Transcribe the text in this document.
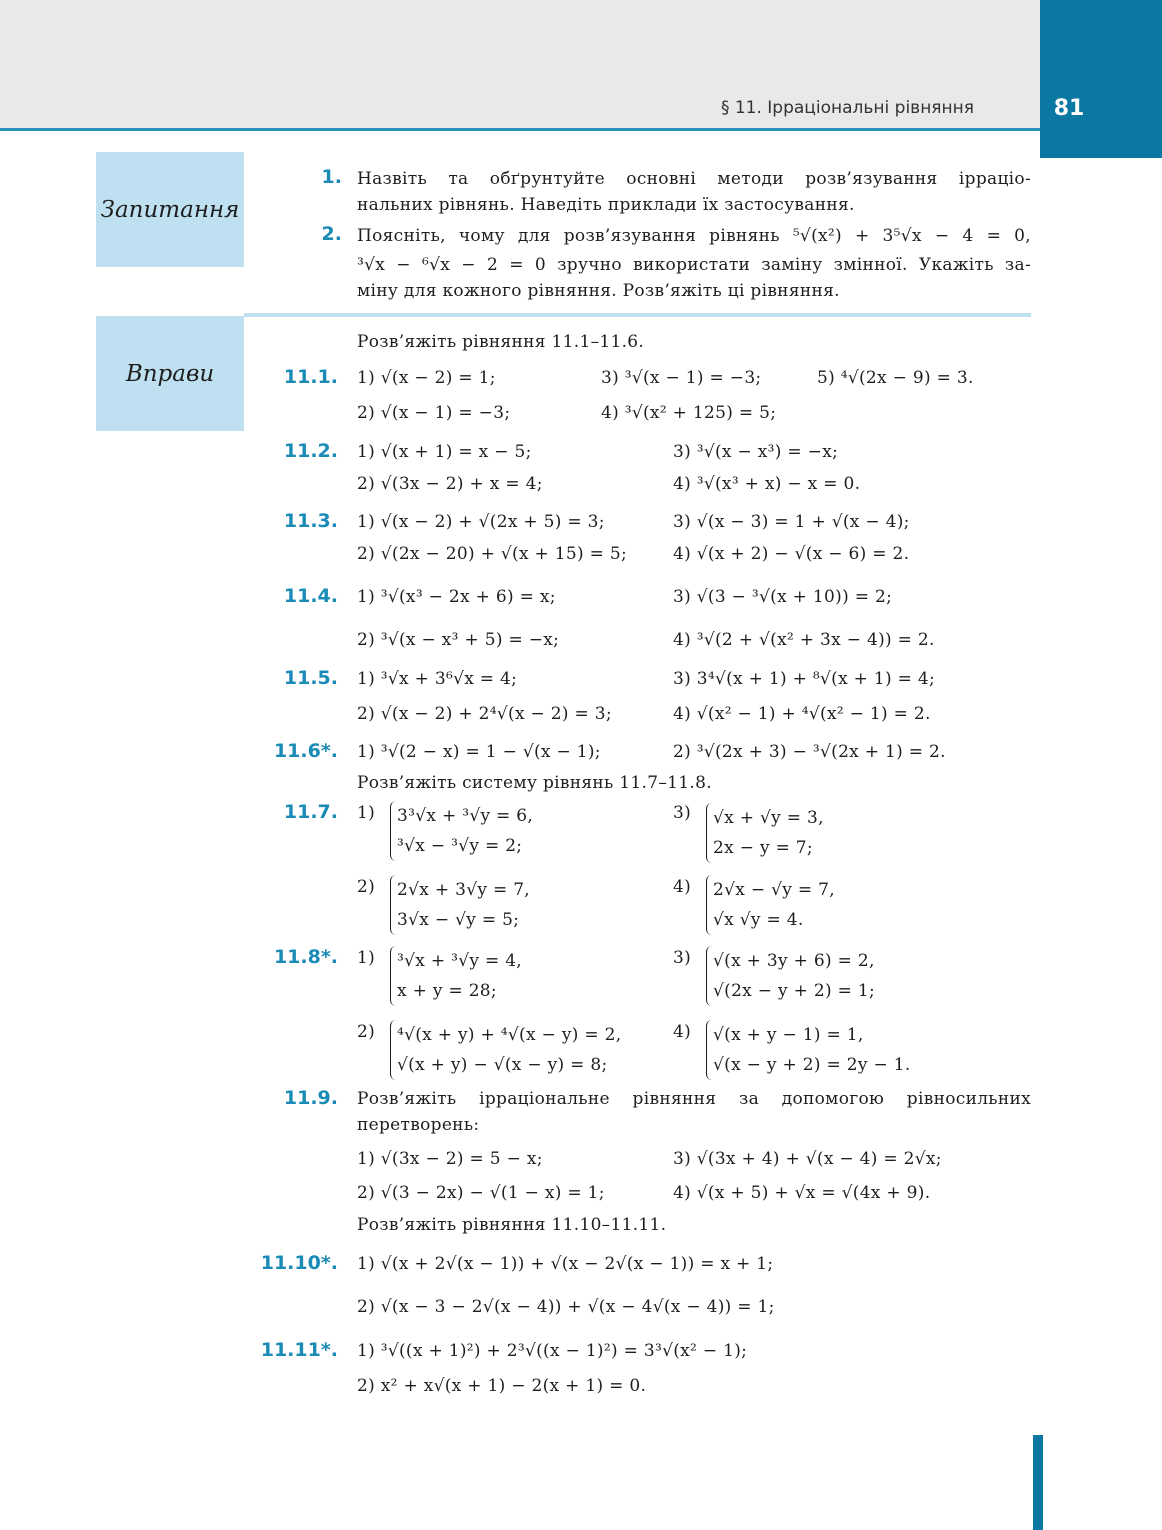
81
§ 11. Ірраціональні рівняння
Запитання
1. Назвіть та обґрунтуйте основні методи розв’язування ірраціо-
нальних рівнянь. Наведіть приклади їх застосування.
2. Поясніть, чому для розв’язування рівнянь ⁵√(x²) + 3⁵√x − 4 = 0,
³√x − ⁶√x − 2 = 0 зручно використати заміну змінної. Укажіть за-
міну для кожного рівняння. Розв’яжіть ці рівняння.
Вправи
Розв’яжіть рівняння 11.1–11.6.
11.1. 1) √(x − 2) = 1;	3) ³√(x − 1) = −3;	5) ⁴√(2x − 9) = 3.
2) √(x − 1) = −3;	4) ³√(x² + 125) = 5;
11.2. 1) √(x + 1) = x − 5;	3) ³√(x − x³) = −x;
2) √(3x − 2) + x = 4;	4) ³√(x³ + x) − x = 0.
11.3. 1) √(x − 2) + √(2x + 5) = 3;	3) √(x − 3) = 1 + √(x − 4);
2) √(2x − 20) + √(x + 15) = 5;	4) √(x + 2) − √(x − 6) = 2.
11.4. 1) ³√(x³ − 2x + 6) = x;	3) √(3 − ³√(x + 10)) = 2;
2) ³√(x − x³ + 5) = −x;	4) ³√(2 + √(x² + 3x − 4)) = 2.
11.5. 1) ³√x + 3⁶√x = 4;	3) 3⁴√(x + 1) + ⁸√(x + 1) = 4;
2) √(x − 2) + 2⁴√(x − 2) = 3;	4) √(x² − 1) + ⁴√(x² − 1) = 2.
11.6*. 1) ³√(2 − x) = 1 − √(x − 1);	2) ³√(2x + 3) − ³√(2x + 1) = 2.
Розв’яжіть систему рівнянь 11.7–11.8.
11.7. 1) 3³√x + ³√y = 6,
³√x − ³√y = 2;
3) √x + √y = 3,
2x − y = 7;
2) 2√x + 3√y = 7,
3√x − √y = 5;
4) 2√x − √y = 7,
√x √y = 4.
11.8*. 1) ³√x + ³√y = 4,
x + y = 28;
3) √(x + 3y + 6) = 2,
√(2x − y + 2) = 1;
2) ⁴√(x + y) + ⁴√(x − y) = 2,
√(x + y) − √(x − y) = 8;
4) √(x + y − 1) = 1,
√(x − y + 2) = 2y − 1.
11.9. Розв’яжіть ірраціональне рівняння за допомогою рівносильних
перетворень:
1) √(3x − 2) = 5 − x;	3) √(3x + 4) + √(x − 4) = 2√x;
2) √(3 − 2x) − √(1 − x) = 1;	4) √(x + 5) + √x = √(4x + 9).
Розв’яжіть рівняння 11.10–11.11.
11.10*. 1) √(x + 2√(x − 1)) + √(x − 2√(x − 1)) = x + 1;
2) √(x − 3 − 2√(x − 4)) + √(x − 4√(x − 4)) = 1;
11.11*. 1) ³√((x + 1)²) + 2³√((x − 1)²) = 3³√(x² − 1);
2) x² + x√(x + 1) − 2(x + 1) = 0.
